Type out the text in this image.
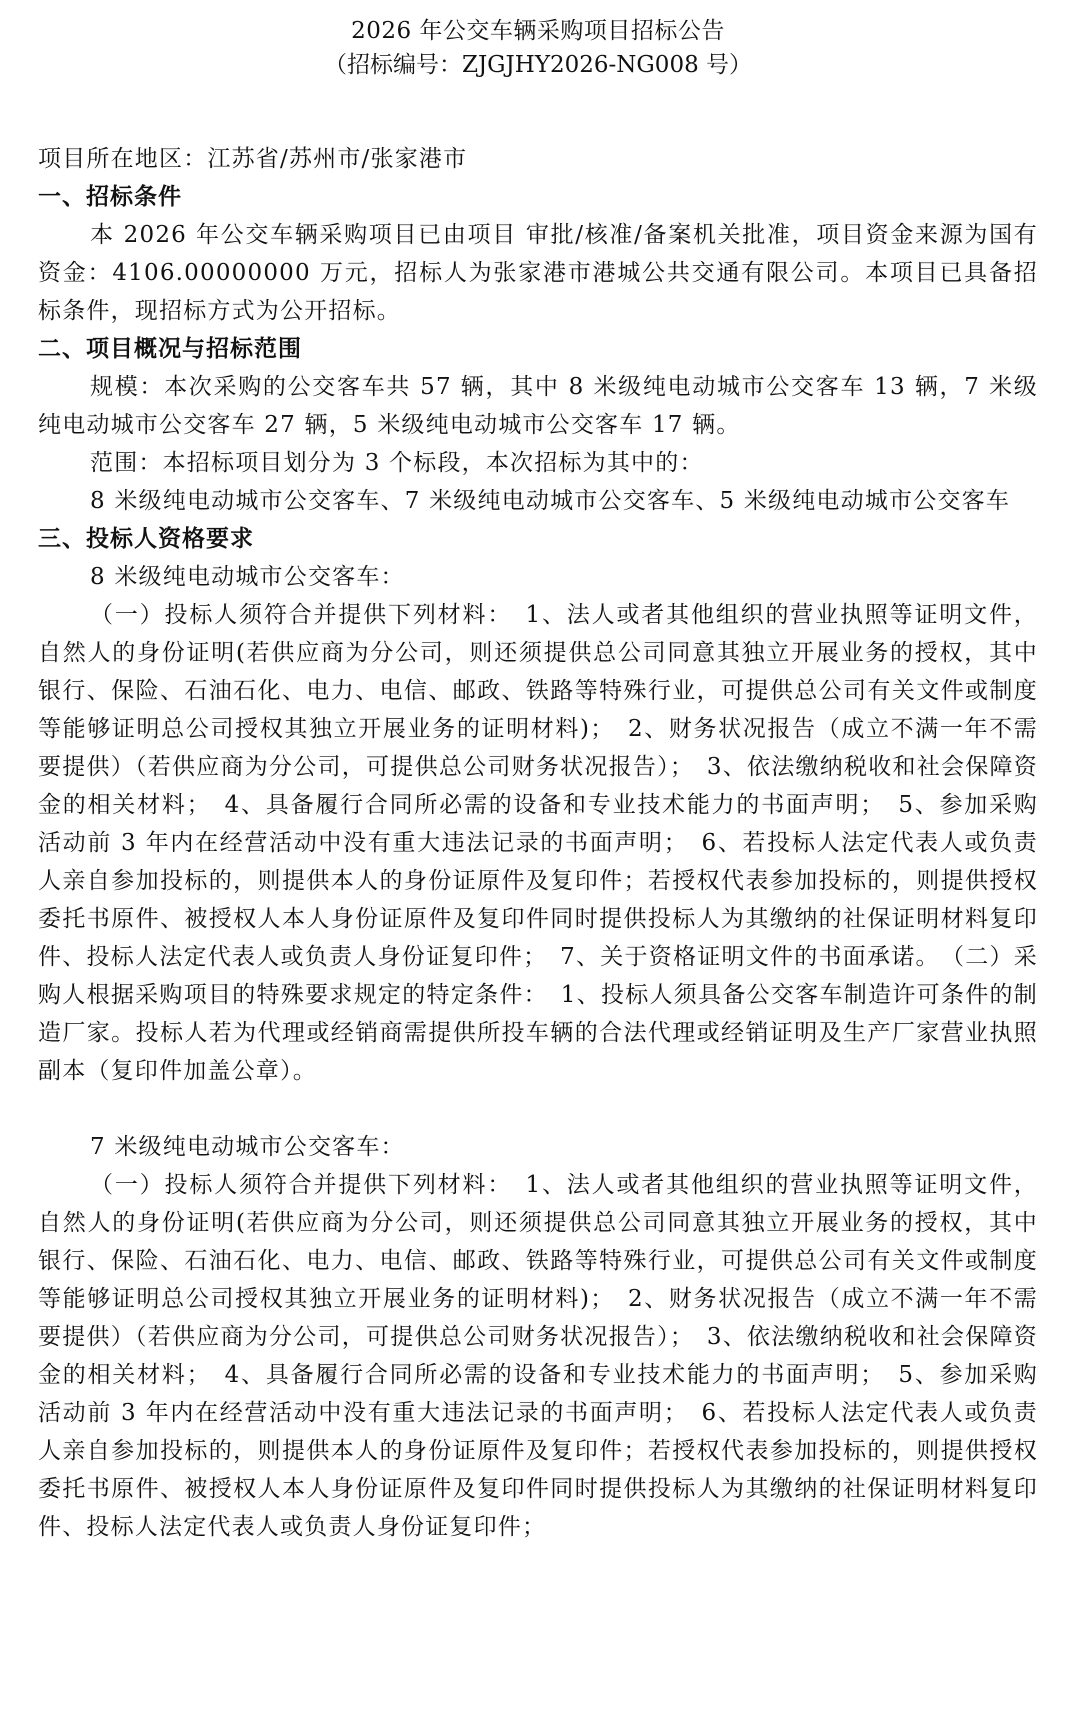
2026 年公交车辆采购项目招标公告
（招标编号：ZJGJHY2026-NG008 号）

项目所在地区：江苏省/苏州市/张家港市

一、招标条件

本 2026 年公交车辆采购项目已由项目 审批/核准/备案机关批准，项目资金来源为国有资金：4106.00000000 万元，招标人为张家港市港城公共交通有限公司。本项目已具备招标条件，现招标方式为公开招标。

二、项目概况与招标范围

规模：本次采购的公交客车共 57 辆，其中 8 米级纯电动城市公交客车 13 辆，7 米级纯电动城市公交客车 27 辆，5 米级纯电动城市公交客车 17 辆。

范围：本招标项目划分为 3 个标段，本次招标为其中的：

8 米级纯电动城市公交客车、7 米级纯电动城市公交客车、5 米级纯电动城市公交客车

三、投标人资格要求

8 米级纯电动城市公交客车：

（一）投标人须符合并提供下列材料：　1、法人或者其他组织的营业执照等证明文件，自然人的身份证明(若供应商为分公司，则还须提供总公司同意其独立开展业务的授权，其中银行、保险、石油石化、电力、电信、邮政、铁路等特殊行业，可提供总公司有关文件或制度等能够证明总公司授权其独立开展业务的证明材料)；　2、财务状况报告（成立不满一年不需要提供）（若供应商为分公司，可提供总公司财务状况报告）；　3、依法缴纳税收和社会保障资金的相关材料；　4、具备履行合同所必需的设备和专业技术能力的书面声明；　5、参加采购活动前 3 年内在经营活动中没有重大违法记录的书面声明；　6、若投标人法定代表人或负责人亲自参加投标的，则提供本人的身份证原件及复印件；若授权代表参加投标的，则提供授权委托书原件、被授权人本人身份证原件及复印件同时提供投标人为其缴纳的社保证明材料复印件、投标人法定代表人或负责人身份证复印件；　7、关于资格证明文件的书面承诺。　（二）采购人根据采购项目的特殊要求规定的特定条件：　1、投标人须具备公交客车制造许可条件的制造厂家。投标人若为代理或经销商需提供所投车辆的合法代理或经销证明及生产厂家营业执照副本（复印件加盖公章）。

7 米级纯电动城市公交客车：

（一）投标人须符合并提供下列材料：　1、法人或者其他组织的营业执照等证明文件，自然人的身份证明(若供应商为分公司，则还须提供总公司同意其独立开展业务的授权，其中银行、保险、石油石化、电力、电信、邮政、铁路等特殊行业，可提供总公司有关文件或制度等能够证明总公司授权其独立开展业务的证明材料)；　2、财务状况报告（成立不满一年不需要提供）（若供应商为分公司，可提供总公司财务状况报告）；　3、依法缴纳税收和社会保障资金的相关材料；　4、具备履行合同所必需的设备和专业技术能力的书面声明；　5、参加采购活动前 3 年内在经营活动中没有重大违法记录的书面声明；　6、若投标人法定代表人或负责人亲自参加投标的，则提供本人的身份证原件及复印件；若授权代表参加投标的，则提供授权委托书原件、被授权人本人身份证原件及复印件同时提供投标人为其缴纳的社保证明材料复印件、投标人法定代表人或负责人身份证复印件；
